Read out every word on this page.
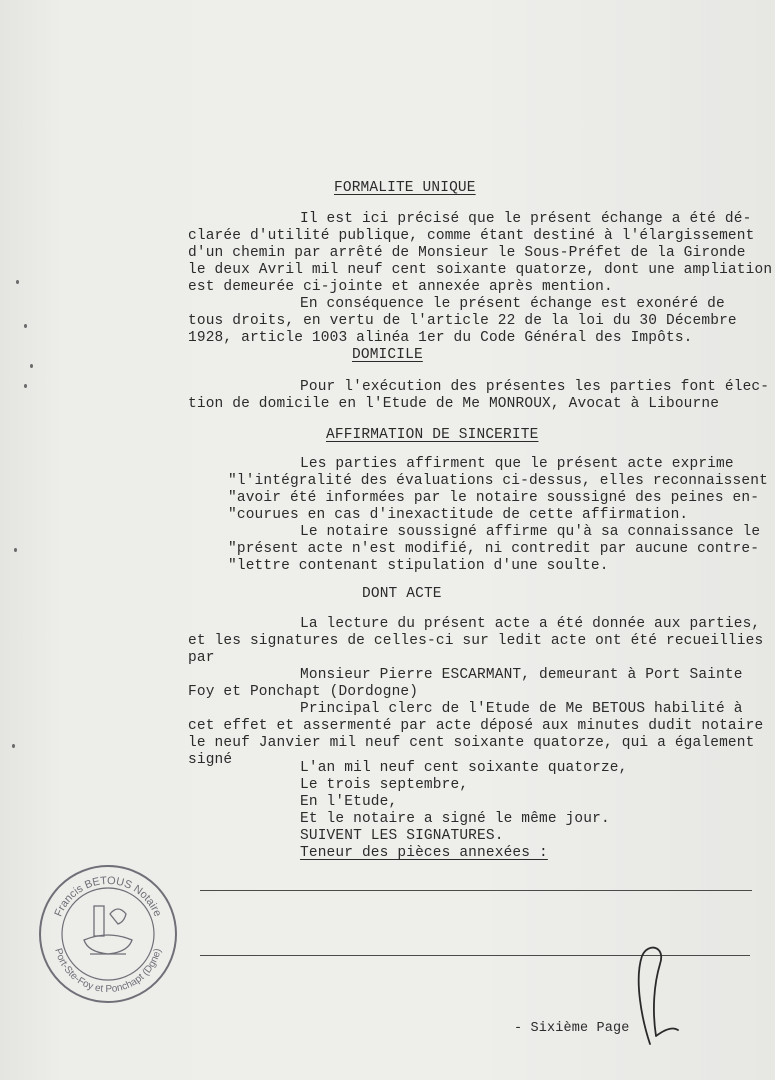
FORMALITE UNIQUE
Il est ici précisé que le présent échange a été dé-
clarée d'utilité publique, comme étant destiné à l'élargissement
d'un chemin par arrêté de Monsieur le Sous-Préfet de la Gironde
le deux Avril mil neuf cent soixante quatorze, dont une ampliation
est demeurée ci-jointe et annexée après mention.
En conséquence le présent échange est exonéré de
tous droits, en vertu de l'article 22 de la loi du 30 Décembre
1928, article 1003 alinéa 1er du Code Général des Impôts.
DOMICILE
Pour l'exécution des présentes les parties font élec-
tion de domicile en l'Etude de Me MONROUX, Avocat à Libourne
AFFIRMATION DE SINCERITE
Les parties affirment que le présent acte exprime
"l'intégralité des évaluations ci-dessus, elles reconnaissent
"avoir été informées par le notaire soussigné des peines en-
"courues en cas d'inexactitude de cette affirmation.
Le notaire soussigné affirme qu'à sa connaissance le
"présent acte n'est modifié, ni contredit par aucune contre-
"lettre contenant stipulation d'une soulte.
DONT ACTE
La lecture du présent acte a été donnée aux parties,
et les signatures de celles-ci sur ledit acte ont été recueillies
par
Monsieur Pierre ESCARMANT, demeurant à Port Sainte
Foy et Ponchapt (Dordogne)
Principal clerc de l'Etude de Me BETOUS habilité à
cet effet et assermenté par acte déposé aux minutes dudit notaire
le neuf Janvier mil neuf cent soixante quatorze, qui a également
signé	L'an mil neuf cent soixante quatorze,
Le trois septembre,
En l'Etude,
Et le notaire a signé le même jour.
SUIVENT LES SIGNATURES.
Teneur des pièces annexées :
Francis BETOUS Notaire
Port-Ste-Foy et Ponchapt (Dgne)
- Sixième Page
